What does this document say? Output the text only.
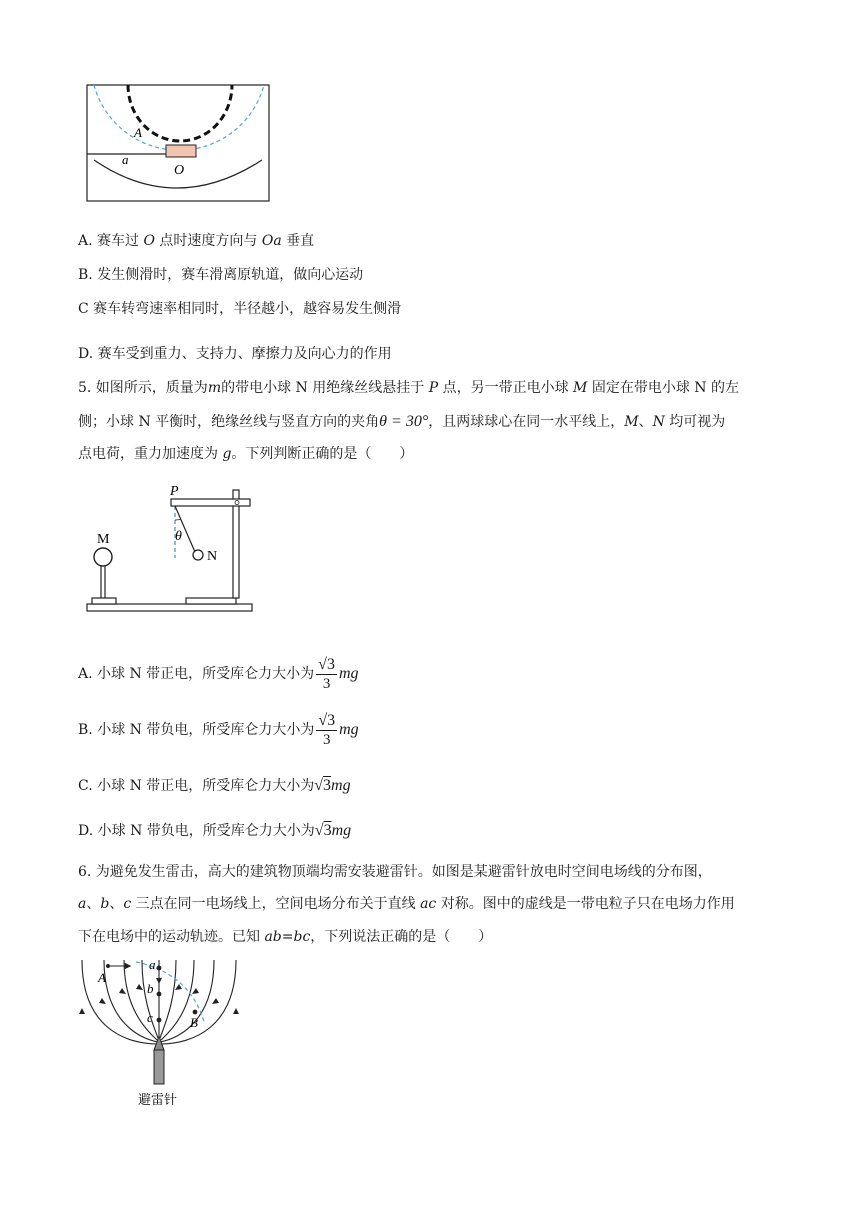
A
a
O
A. 赛车过 O 点时速度方向与 Oa 垂直
B. 发生侧滑时，赛车滑离原轨道，做向心运动
C 赛车转弯速率相同时，半径越小，越容易发生侧滑
D. 赛车受到重力、支持力、摩擦力及向心力的作用
5. 如图所示，质量为m的带电小球 N 用绝缘丝线悬挂于 P 点，另一带正电小球 M 固定在带电小球 N 的左
侧；小球 N 平衡时，绝缘丝线与竖直方向的夹角θ = 30°，且两球球心在同一水平线上，M、N 均可视为
点电荷，重力加速度为 g。下列判断正确的是（　　）
M
P
θ
N
A. 小球 N 带正电，所受库仑力大小为 $\frac{√3}{3}$ mg
B. 小球 N 带负电，所受库仑力大小为 $\frac{√3}{3}$ mg
C. 小球 N 带正电，所受库仑力大小为√3mg
D. 小球 N 带负电，所受库仑力大小为√3mg
6. 为避免发生雷击，高大的建筑物顶端均需安装避雷针。如图是某避雷针放电时空间电场线的分布图，
a、b、c 三点在同一电场线上，空间电场分布关于直线 ac 对称。图中的虚线是一带电粒子只在电场力作用
下在电场中的运动轨迹。已知 ab=bc，下列说法正确的是（　　）
a
b
c
A
B
避雷针
